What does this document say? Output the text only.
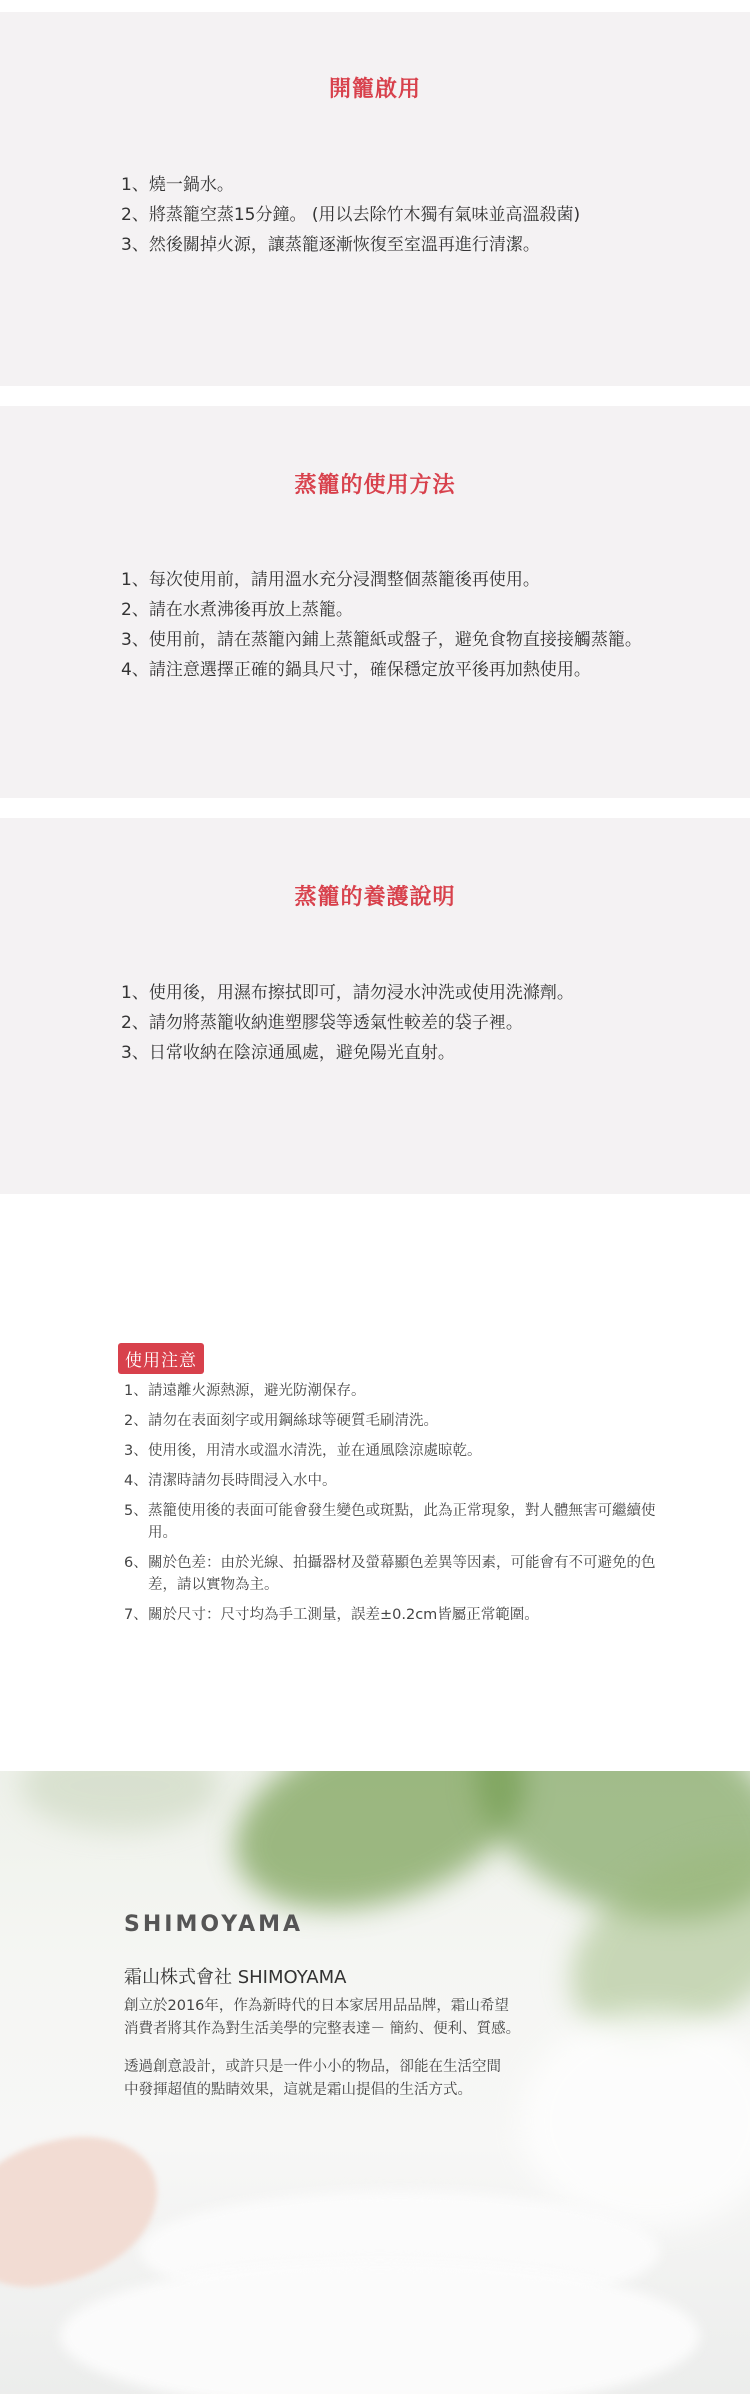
開籠啟用
1、燒一鍋水。
2、將蒸籠空蒸15分鐘。 (用以去除竹木獨有氣味並高溫殺菌)
3、然後關掉火源，讓蒸籠逐漸恢復至室溫再進行清潔。
蒸籠的使用方法
1、每次使用前，請用溫水充分浸潤整個蒸籠後再使用。
2、請在水煮沸後再放上蒸籠。
3、使用前，請在蒸籠內鋪上蒸籠紙或盤子，避免食物直接接觸蒸籠。
4、請注意選擇正確的鍋具尺寸，確保穩定放平後再加熱使用。
蒸籠的養護說明
1、使用後，用濕布擦拭即可，請勿浸水沖洗或使用洗滌劑。
2、請勿將蒸籠收納進塑膠袋等透氣性較差的袋子裡。
3、日常收納在陰涼通風處，避免陽光直射。
使用注意
1、 請遠離火源熱源，避光防潮保存。
2、 請勿在表面刻字或用鋼絲球等硬質毛刷清洗。
3、 使用後，用清水或溫水清洗，並在通風陰涼處晾乾。
4、 清潔時請勿長時間浸入水中。
5、 蒸籠使用後的表面可能會發生變色或斑點，此為正常現象，對人體無害可繼續使用。
6、 關於色差：由於光線、拍攝器材及螢幕顯色差異等因素，可能會有不可避免的色差，請以實物為主。
7、 關於尺寸：尺寸均為手工測量，誤差±0.2cm皆屬正常範圍。
SHIMOYAMA

霜山株式會社 SHIMOYAMA

創立於2016年，作為新時代的日本家居用品品牌，霜山希望
消費者將其作為對生活美學的完整表達－ 簡約、便利、質感。

透過創意設計，或許只是一件小小的物品，卻能在生活空間
中發揮超值的點睛效果，這就是霜山提倡的生活方式。
